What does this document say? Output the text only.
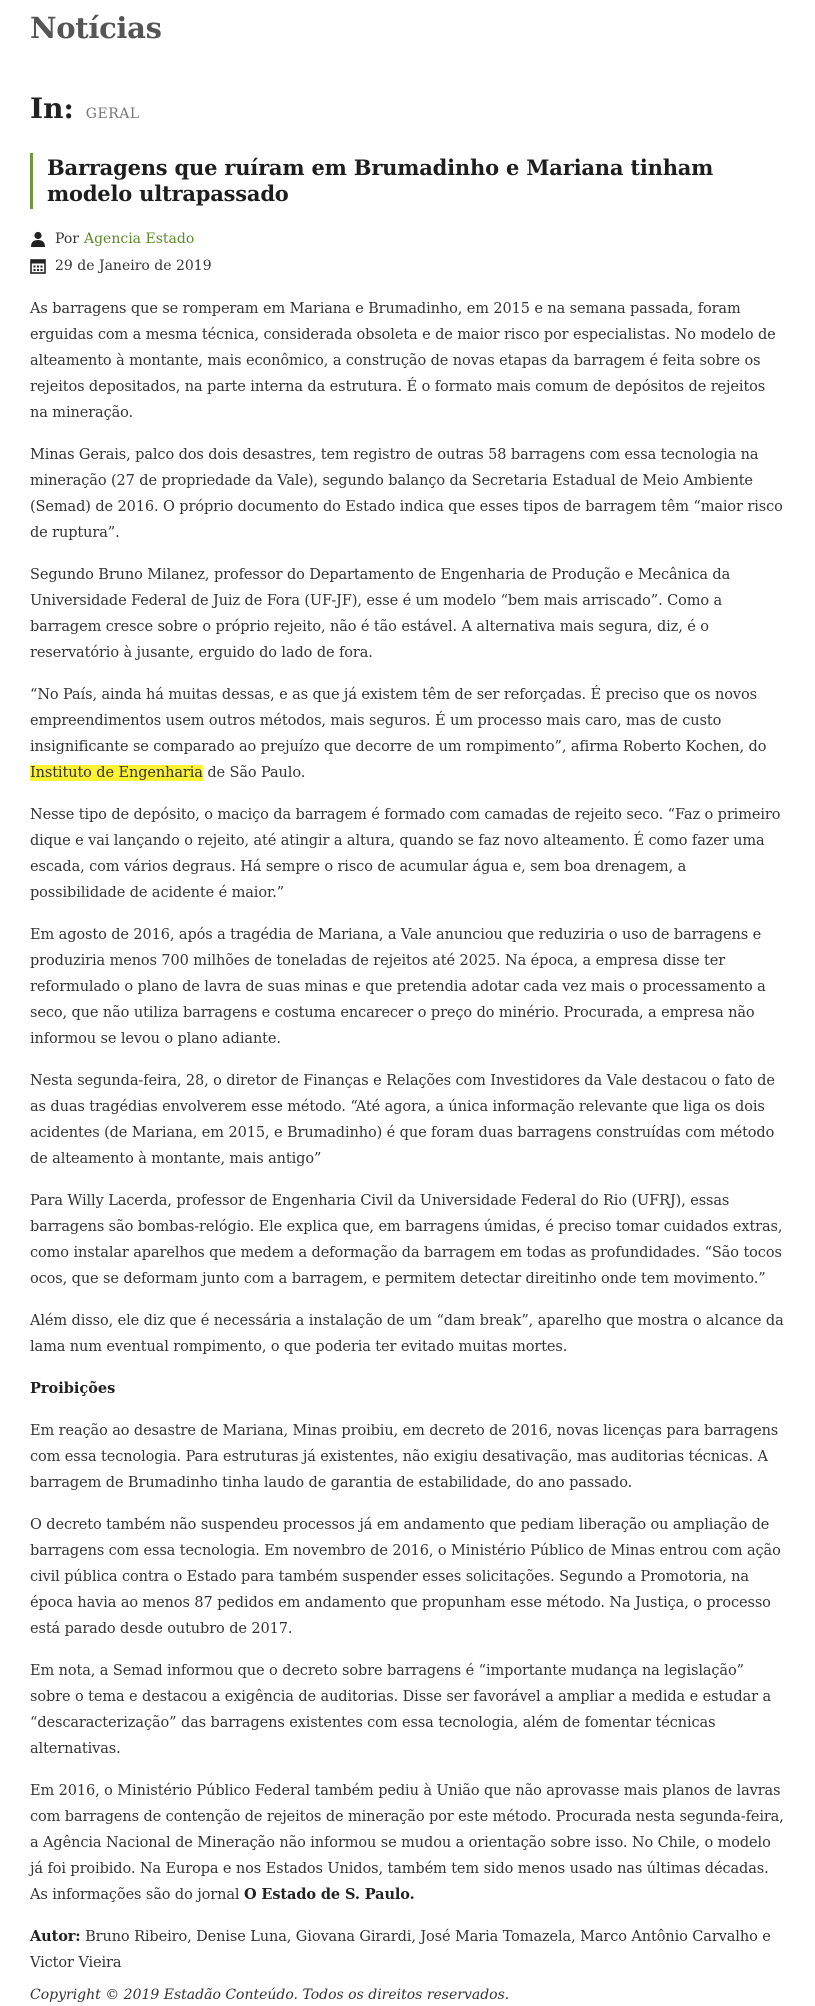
Notícias
In: GERAL
Barragens que ruíram em Brumadinho e Mariana tinham modelo ultrapassado
Por Agencia Estado
29 de Janeiro de 2019

As barragens que se romperam em Mariana e Brumadinho, em 2015 e na semana passada, foram erguidas com a mesma técnica, considerada obsoleta e de maior risco por especialistas. No modelo de alteamento à montante, mais econômico, a construção de novas etapas da barragem é feita sobre os rejeitos depositados, na parte interna da estrutura. É o formato mais comum de depósitos de rejeitos na mineração.

Minas Gerais, palco dos dois desastres, tem registro de outras 58 barragens com essa tecnologia na mineração (27 de propriedade da Vale), segundo balanço da Secretaria Estadual de Meio Ambiente (Semad) de 2016. O próprio documento do Estado indica que esses tipos de barragem têm “maior risco de ruptura”.

Segundo Bruno Milanez, professor do Departamento de Engenharia de Produção e Mecânica da Universidade Federal de Juiz de Fora (UF-JF), esse é um modelo “bem mais arriscado”. Como a barragem cresce sobre o próprio rejeito, não é tão estável. A alternativa mais segura, diz, é o reservatório à jusante, erguido do lado de fora.

“No País, ainda há muitas dessas, e as que já existem têm de ser reforçadas. É preciso que os novos empreendimentos usem outros métodos, mais seguros. É um processo mais caro, mas de custo insignificante se comparado ao prejuízo que decorre de um rompimento”, afirma Roberto Kochen, do Instituto de Engenharia de São Paulo.

Nesse tipo de depósito, o maciço da barragem é formado com camadas de rejeito seco. “Faz o primeiro dique e vai lançando o rejeito, até atingir a altura, quando se faz novo alteamento. É como fazer uma escada, com vários degraus. Há sempre o risco de acumular água e, sem boa drenagem, a possibilidade de acidente é maior.”

Em agosto de 2016, após a tragédia de Mariana, a Vale anunciou que reduziria o uso de barragens e produziria menos 700 milhões de toneladas de rejeitos até 2025. Na época, a empresa disse ter reformulado o plano de lavra de suas minas e que pretendia adotar cada vez mais o processamento a seco, que não utiliza barragens e costuma encarecer o preço do minério. Procurada, a empresa não informou se levou o plano adiante.

Nesta segunda-feira, 28, o diretor de Finanças e Relações com Investidores da Vale destacou o fato de as duas tragédias envolverem esse método. “Até agora, a única informação relevante que liga os dois acidentes (de Mariana, em 2015, e Brumadinho) é que foram duas barragens construídas com método de alteamento à montante, mais antigo”

Para Willy Lacerda, professor de Engenharia Civil da Universidade Federal do Rio (UFRJ), essas barragens são bombas-relógio. Ele explica que, em barragens úmidas, é preciso tomar cuidados extras, como instalar aparelhos que medem a deformação da barragem em todas as profundidades. “São tocos ocos, que se deformam junto com a barragem, e permitem detectar direitinho onde tem movimento.”

Além disso, ele diz que é necessária a instalação de um “dam break”, aparelho que mostra o alcance da lama num eventual rompimento, o que poderia ter evitado muitas mortes.

Proibições

Em reação ao desastre de Mariana, Minas proibiu, em decreto de 2016, novas licenças para barragens com essa tecnologia. Para estruturas já existentes, não exigiu desativação, mas auditorias técnicas. A barragem de Brumadinho tinha laudo de garantia de estabilidade, do ano passado.

O decreto também não suspendeu processos já em andamento que pediam liberação ou ampliação de barragens com essa tecnologia. Em novembro de 2016, o Ministério Público de Minas entrou com ação civil pública contra o Estado para também suspender esses solicitações. Segundo a Promotoria, na época havia ao menos 87 pedidos em andamento que propunham esse método. Na Justiça, o processo está parado desde outubro de 2017.

Em nota, a Semad informou que o decreto sobre barragens é “importante mudança na legislação” sobre o tema e destacou a exigência de auditorias. Disse ser favorável a ampliar a medida e estudar a “descaracterização” das barragens existentes com essa tecnologia, além de fomentar técnicas alternativas.

Em 2016, o Ministério Público Federal também pediu à União que não aprovasse mais planos de lavras com barragens de contenção de rejeitos de mineração por este método. Procurada nesta segunda-feira, a Agência Nacional de Mineração não informou se mudou a orientação sobre isso. No Chile, o modelo já foi proibido. Na Europa e nos Estados Unidos, também tem sido menos usado nas últimas décadas. As informações são do jornal O Estado de S. Paulo.

Autor: Bruno Ribeiro, Denise Luna, Giovana Girardi, José Maria Tomazela, Marco Antônio Carvalho e Victor Vieira

Copyright © 2019 Estadão Conteúdo. Todos os direitos reservados.
